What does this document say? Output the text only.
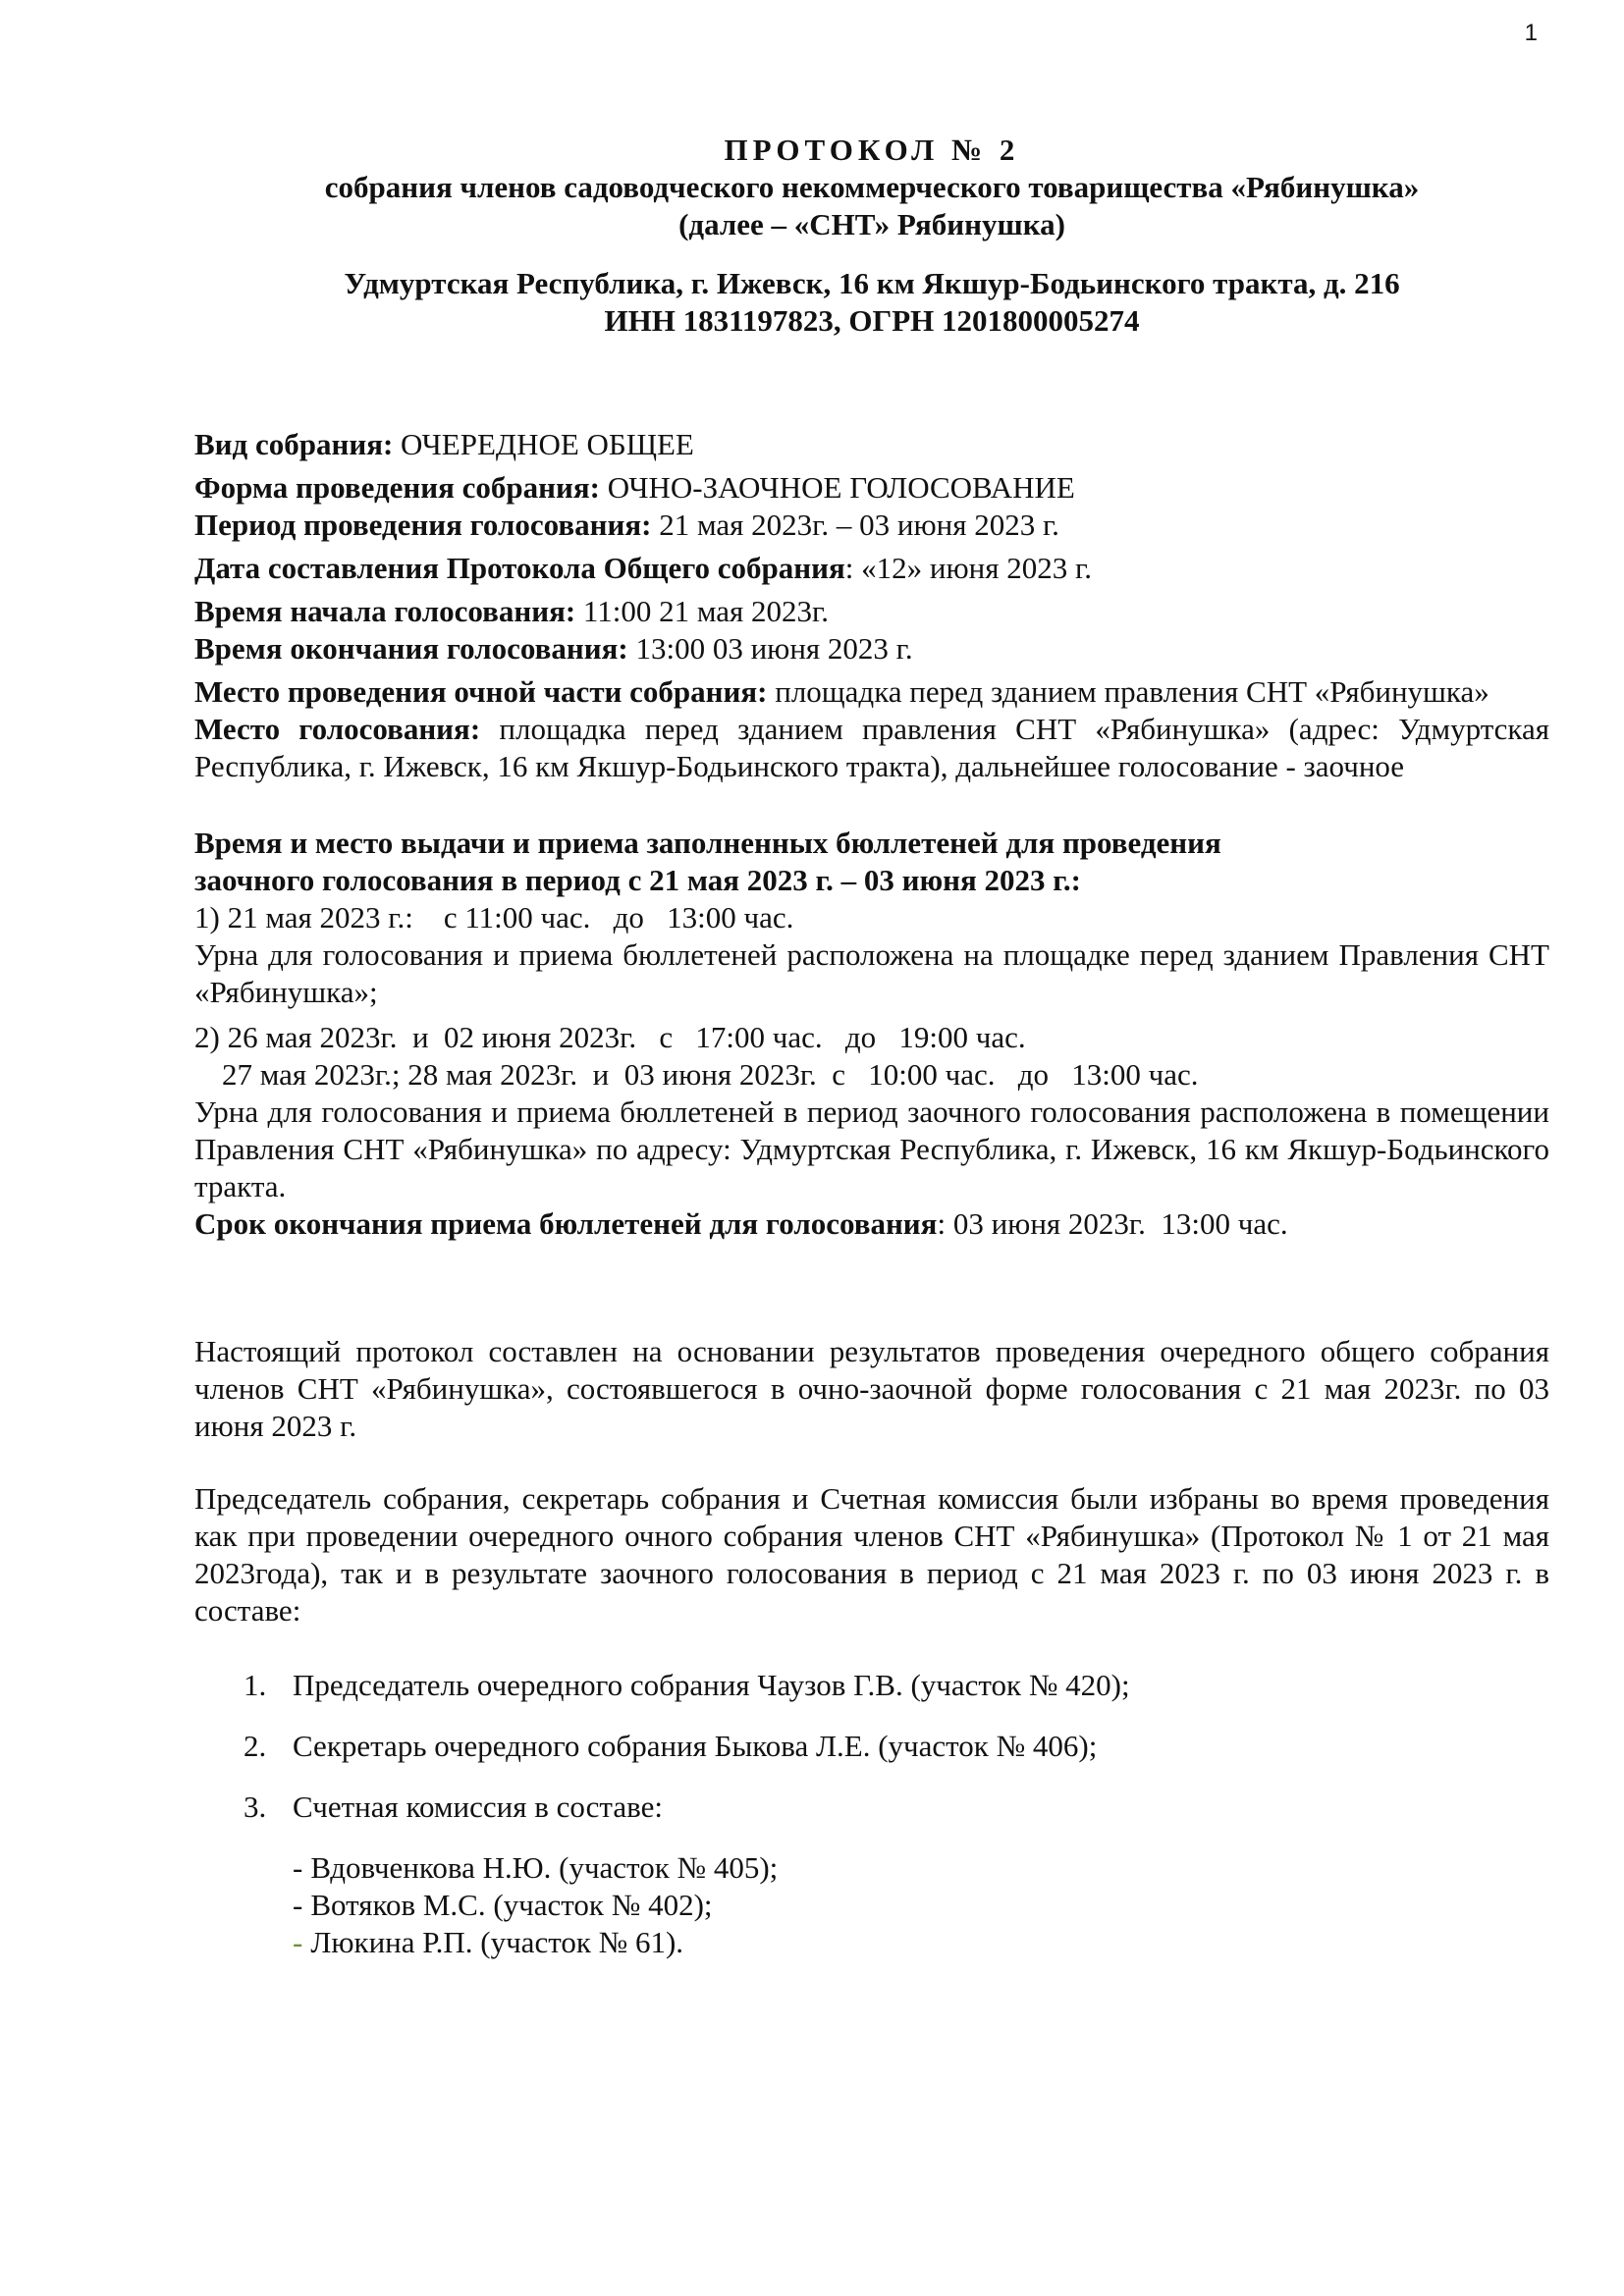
1
ПРОТОКОЛ № 2
собрания членов садоводческого некоммерческого товарищества «Рябинушка»
(далее – «СНТ» Рябинушка)
Удмуртская Республика, г. Ижевск, 16 км Якшур-Бодьинского тракта, д. 216
ИНН 1831197823, ОГРН 1201800005274

Вид собрания: ОЧЕРЕДНОЕ ОБЩЕЕ

Форма проведения собрания: ОЧНО-ЗАОЧНОЕ ГОЛОСОВАНИЕ

Период проведения голосования: 21 мая 2023г. – 03 июня 2023 г.

Дата составления Протокола Общего собрания: «12» июня 2023 г.

Время начала голосования: 11:00 21 мая 2023г.

Время окончания голосования: 13:00 03 июня 2023 г.

Место проведения очной части собрания: площадка перед зданием правления СНТ «Рябинушка»

Место голосования: площадка перед зданием правления СНТ «Рябинушка» (адрес: Удмуртская Республика, г. Ижевск, 16 км Якшур-Бодьинского тракта), дальнейшее голосование - заочное

Время и место выдачи и приема заполненных бюллетеней для проведения
заочного голосования в период с 21 мая 2023 г. – 03 июня 2023 г.:

1) 21 мая 2023 г.:    с 11:00 час.   до   13:00 час.

Урна для голосования и приема бюллетеней расположена на площадке перед зданием Правления СНТ «Рябинушка»;

2) 26 мая 2023г.  и  02 июня 2023г.   с   17:00 час.   до   19:00 час.

27 мая 2023г.; 28 мая 2023г.  и  03 июня 2023г.  с   10:00 час.   до   13:00 час.

Урна для голосования и приема бюллетеней в период заочного голосования расположена в помещении Правления СНТ «Рябинушка» по адресу: Удмуртская Республика, г. Ижевск, 16 км Якшур-Бодьинского тракта.

Срок окончания приема бюллетеней для голосования: 03 июня 2023г.  13:00 час.

Настоящий протокол составлен на основании результатов проведения очередного общего собрания членов СНТ «Рябинушка», состоявшегося в очно-заочной форме голосования с 21 мая 2023г. по 03 июня 2023 г.

Председатель собрания, секретарь собрания и Счетная комиссия были избраны во время проведения как при проведении очередного очного собрания членов СНТ «Рябинушка» (Протокол № 1 от 21 мая 2023года), так и в результате заочного голосования в период с 21 мая 2023 г. по 03 июня 2023 г. в составе:

1. Председатель очередного собрания Чаузов Г.В. (участок № 420);
2. Секретарь очередного собрания Быкова Л.Е. (участок № 406);
3. Счетная комиссия в составе:
- Вдовченкова Н.Ю. (участок № 405);
- Вотяков М.С. (участок № 402);
- Люкина Р.П. (участок № 61).
